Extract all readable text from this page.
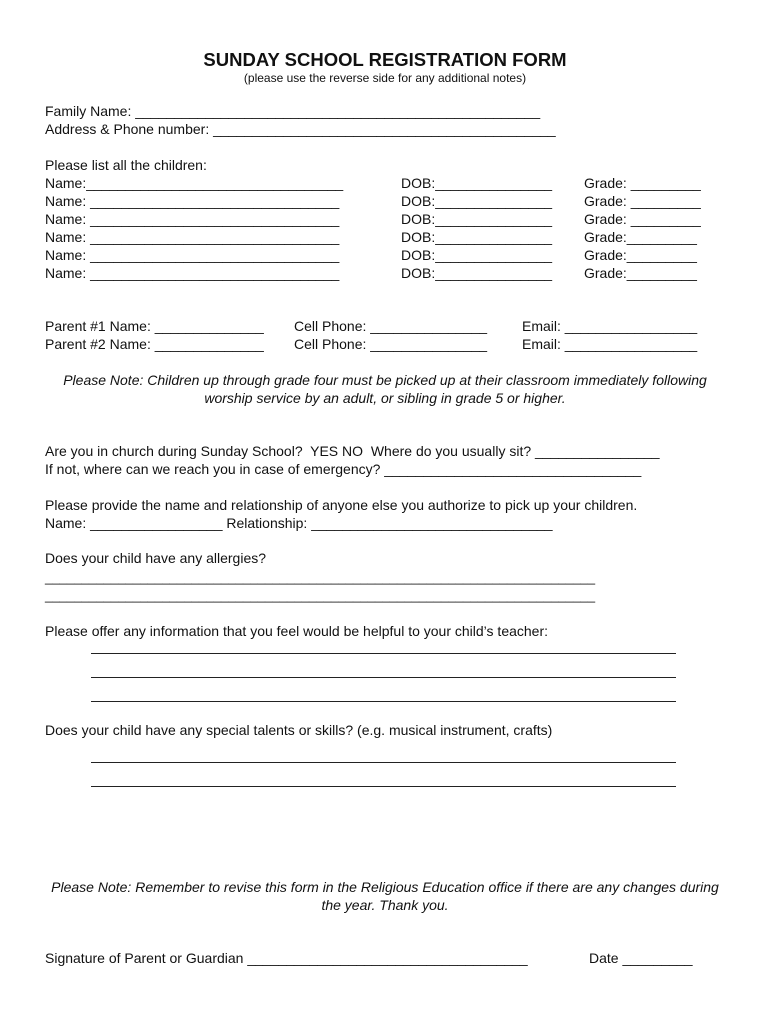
SUNDAY SCHOOL REGISTRATION FORM
(please use the reverse side for any additional notes)
Family Name: ____________________________________________________
Address & Phone number: ____________________________________________
Please list all the children:
Name:_________________________________	DOB:_______________ Grade: _________
Name: ________________________________	DOB:_______________ Grade: _________
Name: ________________________________	DOB:_______________ Grade: _________
Name: ________________________________	DOB:_______________ Grade:_________
Name: ________________________________	DOB:_______________ Grade:_________
Name: ________________________________	DOB:_______________ Grade:_________
Parent #1 Name: ______________ Cell Phone: _______________ Email: _________________
Parent #2 Name: ______________ Cell Phone: _______________ Email: _________________
Please Note: Children up through grade four must be picked up at their classroom immediately following worship service by an adult, or sibling in grade 5 or higher.
Are you in church during Sunday School?  YES NO  Where do you usually sit? ________________
If not, where can we reach you in case of emergency? _________________________________
Please provide the name and relationship of anyone else you authorize to pick up your children.
Name: _________________ Relationship: _______________________________
Does your child have any allergies?
___________________________________________________________________________
___________________________________________________________________________
Please offer any information that you feel would be helpful to your child’s teacher:
Does your child have any special talents or skills? (e.g. musical instrument, crafts)
Please Note: Remember to revise this form in the Religious Education office if there are any changes during the year. Thank you.
Signature of Parent or Guardian ____________________________________	Date _________
